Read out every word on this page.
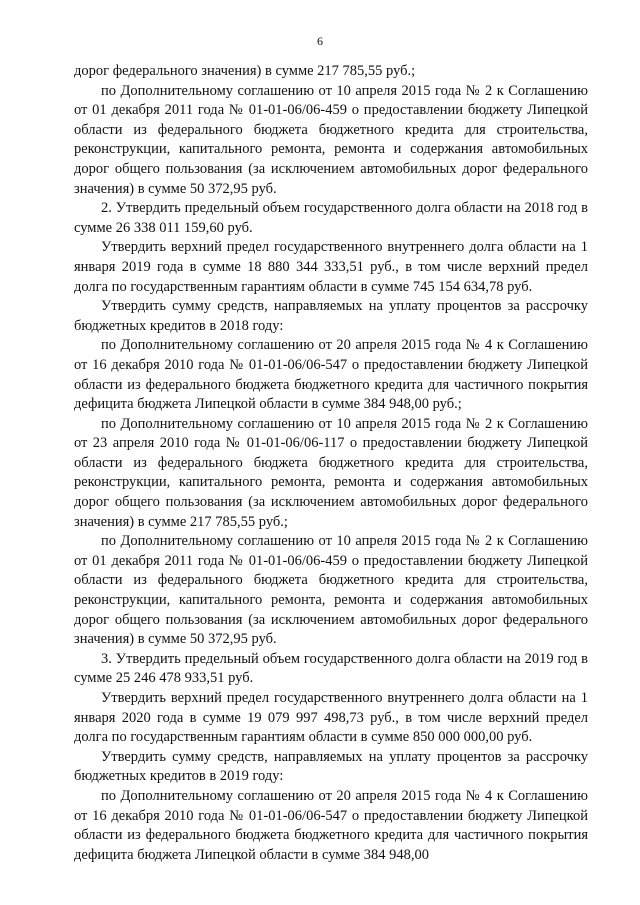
6

дорог федерального значения) в сумме 217 785,55 руб.;

по Дополнительному соглашению от 10 апреля 2015 года № 2 к Соглашению от 01 декабря 2011 года № 01-01-06/06-459 о предоставлении бюджету Липецкой области из федерального бюджета бюджетного кредита для строительства, реконструкции, капитального ремонта, ремонта и содержания автомобильных дорог общего пользования (за исключением автомобильных дорог федерального значения) в сумме 50 372,95 руб.

2. Утвердить предельный объем государственного долга области на 2018 год в сумме 26 338 011 159,60 руб.

Утвердить верхний предел государственного внутреннего долга области на 1 января 2019 года в сумме 18 880 344 333,51 руб., в том числе верхний предел долга по государственным гарантиям области в сумме 745 154 634,78 руб.

Утвердить сумму средств, направляемых на уплату процентов за рассрочку бюджетных кредитов в 2018 году:

по Дополнительному соглашению от 20 апреля 2015 года № 4 к Соглашению от 16 декабря 2010 года № 01-01-06/06-547 о предоставлении бюджету Липецкой области из федерального бюджета бюджетного кредита для частичного покрытия дефицита бюджета Липецкой области в сумме 384 948,00 руб.;

по Дополнительному соглашению от 10 апреля 2015 года № 2 к Соглашению от 23 апреля 2010 года № 01-01-06/06-117 о предоставлении бюджету Липецкой области из федерального бюджета бюджетного кредита для строительства, реконструкции, капитального ремонта, ремонта и содержания автомобильных дорог общего пользования (за исключением автомобильных дорог федерального значения) в сумме 217 785,55 руб.;

по Дополнительному соглашению от 10 апреля 2015 года № 2 к Соглашению от 01 декабря 2011 года № 01-01-06/06-459 о предоставлении бюджету Липецкой области из федерального бюджета бюджетного кредита для строительства, реконструкции, капитального ремонта, ремонта и содержания автомобильных дорог общего пользования (за исключением автомобильных дорог федерального значения) в сумме 50 372,95 руб.

3. Утвердить предельный объем государственного долга области на 2019 год в сумме 25 246 478 933,51 руб.

Утвердить верхний предел государственного внутреннего долга области на 1 января 2020 года в сумме 19 079 997 498,73 руб., в том числе верхний предел долга по государственным гарантиям области в сумме 850 000 000,00 руб.

Утвердить сумму средств, направляемых на уплату процентов за рассрочку бюджетных кредитов в 2019 году:

по Дополнительному соглашению от 20 апреля 2015 года № 4 к Соглашению от 16 декабря 2010 года № 01-01-06/06-547 о предоставлении бюджету Липецкой области из федерального бюджета бюджетного кредита для частичного покрытия дефицита бюджета Липецкой области в сумме 384 948,00
